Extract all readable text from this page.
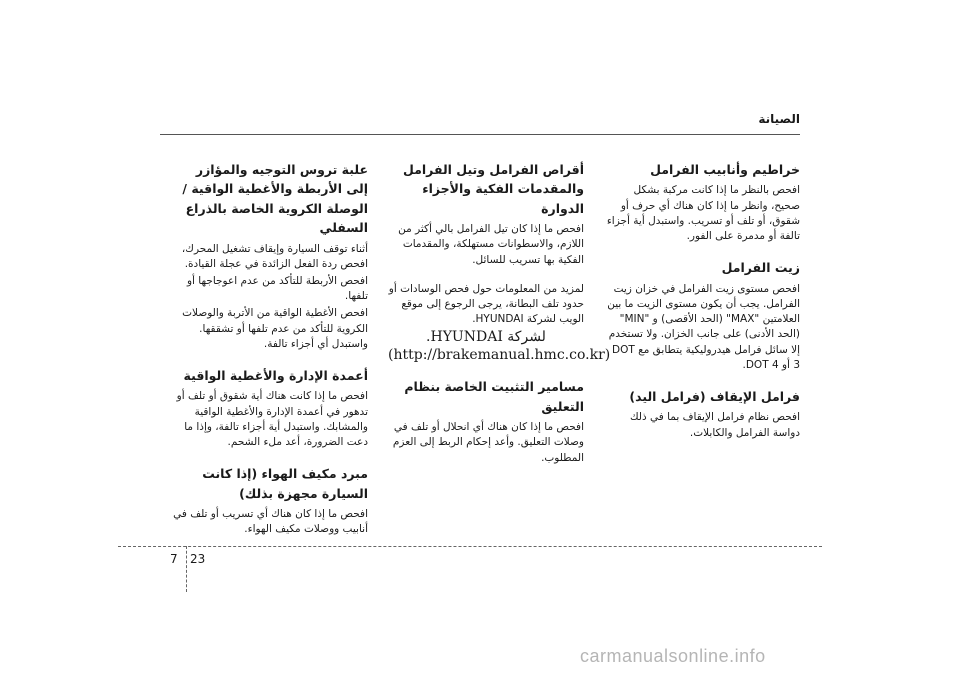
الصيانة
خراطيم وأنابيب الفرامل

افحص بالنظر ما إذا كانت مركبة بشكل صحيح، وانظر ما إذا كان هناك أي حرف أو شقوق، أو تلف أو تسريب. واستبدل أية أجزاء تالفة أو مدمرة على الفور.

زيت الفرامل

افحص مستوى زيت الفرامل في خزان زيت الفرامل. يجب أن يكون مستوى الزيت ما بين العلامتين "MAX" (الحد الأقصى) و "MIN" (الحد الأدنى) على جانب الخزان. ولا تستخدم إلا سائل فرامل هيدروليكية يتطابق مع DOT 3 أو DOT 4.

فرامل الإيقاف (فرامل اليد)

افحص نظام فرامل الإيقاف بما في ذلك دواسة الفرامل والكابلات.

أقراص الفرامل وتيل الفرامل والمقدمات الفكية والأجزاء الدوارة

افحص ما إذا كان تيل الفرامل بالي أكثر من اللازم، والاسطوانات مستهلكة، والمقدمات الفكية بها تسريب للسائل.

لمزيد من المعلومات حول فحص الوسادات أو حدود تلف البطانة، يرجى الرجوع إلى موقع الويب لشركة HYUNDAI.

.HYUNDAI لشركة
(http://brakemanual.hmc.co.kr)
مسامير التثبيت الخاصة بنظام التعليق

افحص ما إذا كان هناك أي انحلال أو تلف في وصلات التعليق. وأعد إحكام الربط إلى العزم المطلوب.

علبة تروس التوجيه والمؤازر إلى الأربطة والأغطية الواقية / الوصلة الكروية الخاصة بالذراع السفلي

أثناء توقف السيارة وإيقاف تشغيل المحرك، افحص ردة الفعل الزائدة في عجلة القيادة.

افحص الأربطة للتأكد من عدم اعوجاجها أو تلفها.

افحص الأغطية الواقية من الأتربة والوصلات الكروية للتأكد من عدم تلفها أو تشققها. واستبدل أي أجزاء تالفة.

أعمدة الإدارة والأغطية الواقية

افحص ما إذا كانت هناك أية شقوق أو تلف أو تدهور في أعمدة الإدارة والأغطية الواقية والمشابك. واستبدل أية أجزاء تالفة، وإذا ما دعت الضرورة، أعد ملء الشحم.

مبرد مكيف الهواء (إذا كانت السيارة مجهزة بذلك)

افحص ما إذا كان هناك أي تسريب أو تلف في أنابيب ووصلات مكيف الهواء.

7 23
carmanualsonline.info
